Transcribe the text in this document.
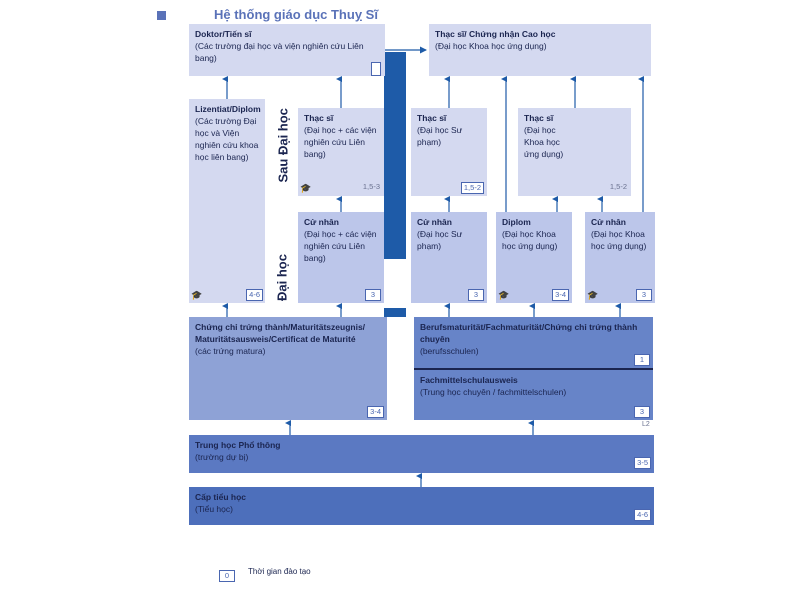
Hệ thống giáo dục Thuỵ Sĩ
Doktor/Tiến sĩ
(Các trường đại học và viện nghiên cứu Liên bang)
Thạc sĩ/ Chứng nhận Cao học
(Đại học Khoa học ứng dụng)
Lizentiat/Diplom
(Các trường Đại học và Viện nghiên cứu khoa học liên bang)
🎓	4-6
Thạc sĩ
(Đại học + các viện nghiên cứu Liên bang)
🎓	1,5-3
Thạc sĩ
(Đại học Sư phạm)
1,5-2
Thạc sĩ
(Đại học Khoa học ứng dụng)
1,5-2
Sau Đại học
Đại học
Cử nhân
(Đại học + các viện nghiên cứu Liên bang)
3
Cử nhân
(Đại học Sư phạm)
3
Diplom
(Đại học Khoa học ứng dụng)
🎓	3-4
Cử nhân
(Đại học Khoa học ứng dụng)
🎓	3
Chứng chỉ trứng thành/Maturitätszeugnis/ Maturitätsausweis/Certificat de Maturité
(các trứng matura)
3-4
Berufsmaturität/Fachmaturität/Chứng chỉ trứng thành chuyên
(berufsschulen)
1
Fachmittelschulausweis
(Trung học chuyên / fachmittelschulen)
3
L2
Trung học Phổ thông
(trường dự bị)
3-5
Cấp tiểu học
(Tiểu học)
4-6
0	Thời gian đào tạo
